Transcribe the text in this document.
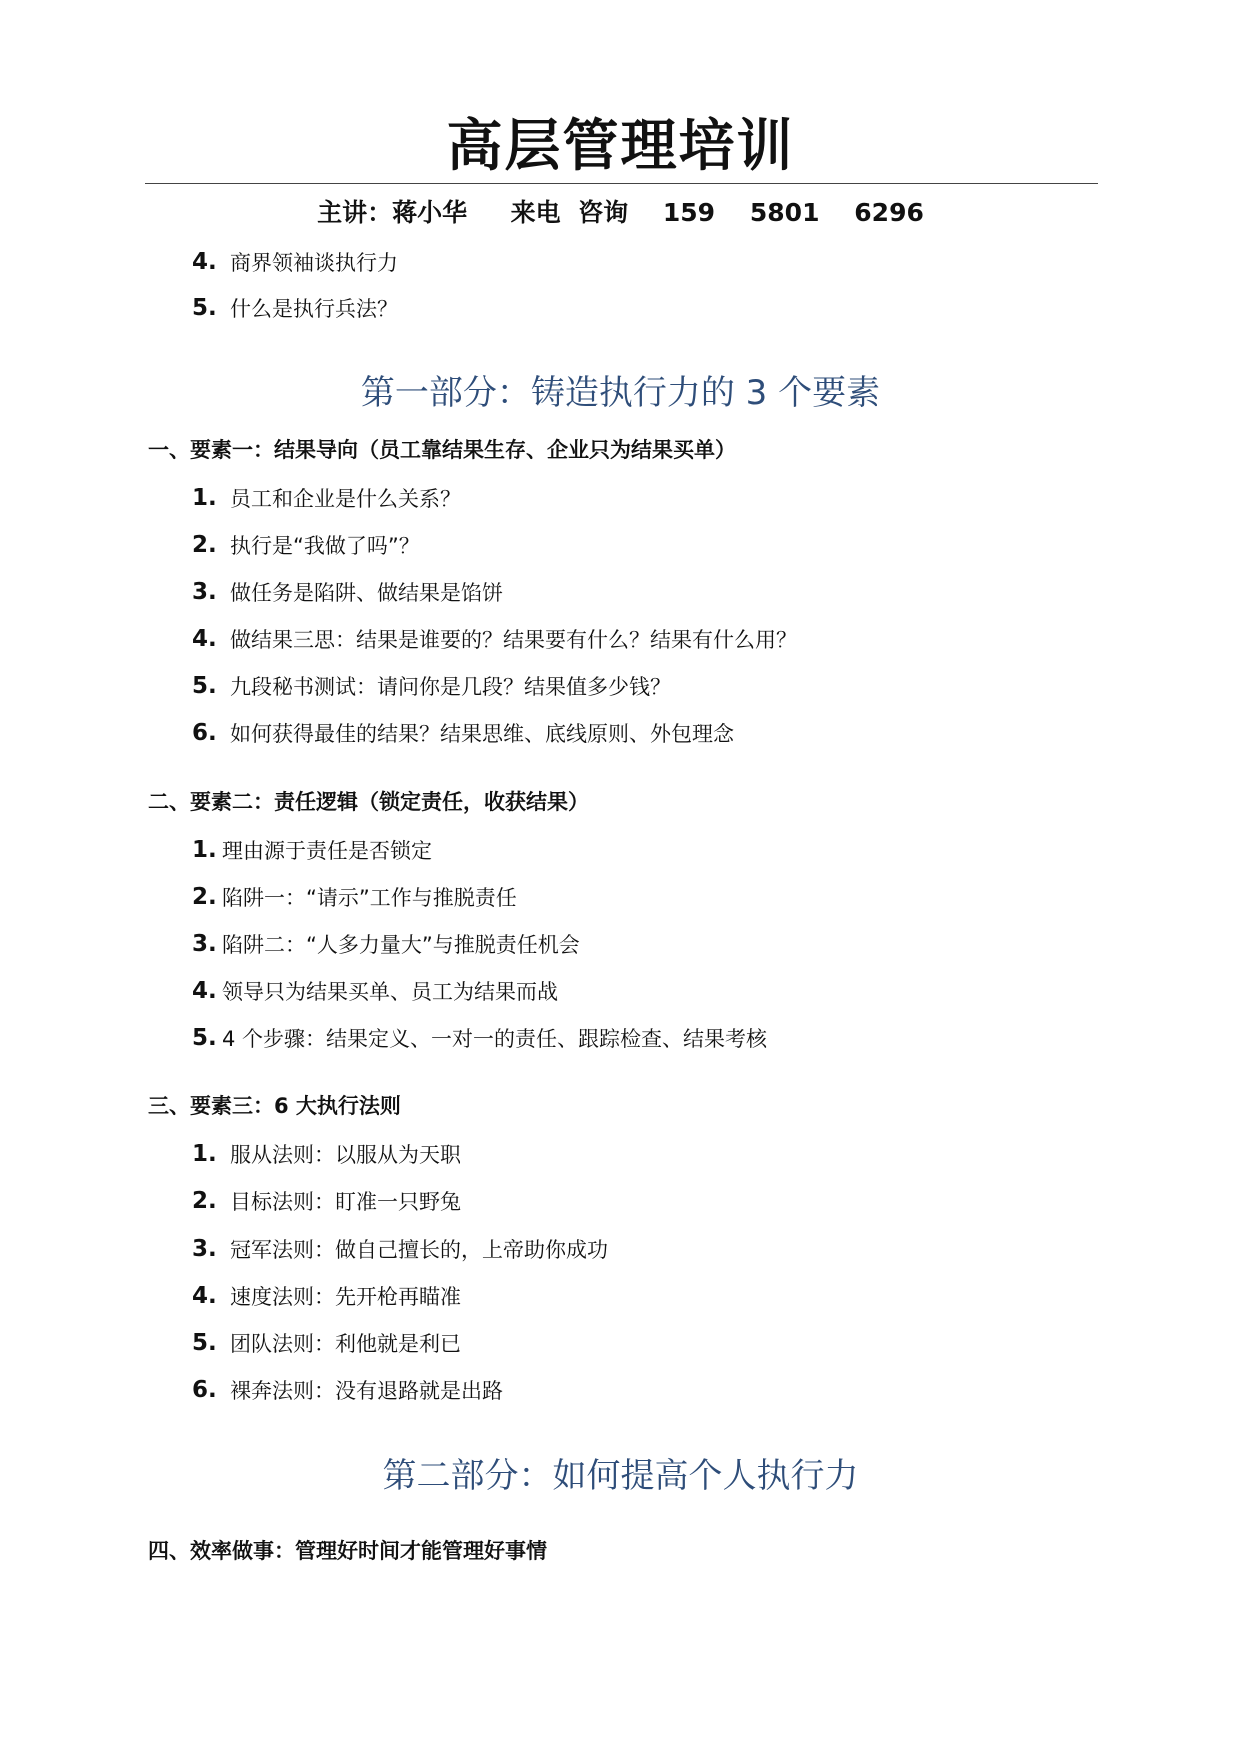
高层管理培训
主讲：蒋小华     来电  咨询    159    5801    6296
4. 商界领袖谈执行力
5. 什么是执行兵法？
第一部分：铸造执行力的 3 个要素
一、要素一：结果导向（员工靠结果生存、企业只为结果买单）
1. 员工和企业是什么关系？
2. 执行是“我做了吗”？
3. 做任务是陷阱、做结果是馅饼
4. 做结果三思：结果是谁要的？结果要有什么？结果有什么用？
5. 九段秘书测试：请问你是几段？结果值多少钱？
6. 如何获得最佳的结果？结果思维、底线原则、外包理念
二、要素二：责任逻辑（锁定责任，收获结果）
1. 理由源于责任是否锁定
2. 陷阱一：“请示”工作与推脱责任
3. 陷阱二：“人多力量大”与推脱责任机会
4. 领导只为结果买单、员工为结果而战
5. 4 个步骤：结果定义、一对一的责任、跟踪检查、结果考核
三、要素三：6 大执行法则
1. 服从法则：以服从为天职
2. 目标法则：盯准一只野兔
3. 冠军法则：做自己擅长的，上帝助你成功
4. 速度法则：先开枪再瞄准
5. 团队法则：利他就是利已
6. 裸奔法则：没有退路就是出路
第二部分：如何提高个人执行力
四、效率做事：管理好时间才能管理好事情
